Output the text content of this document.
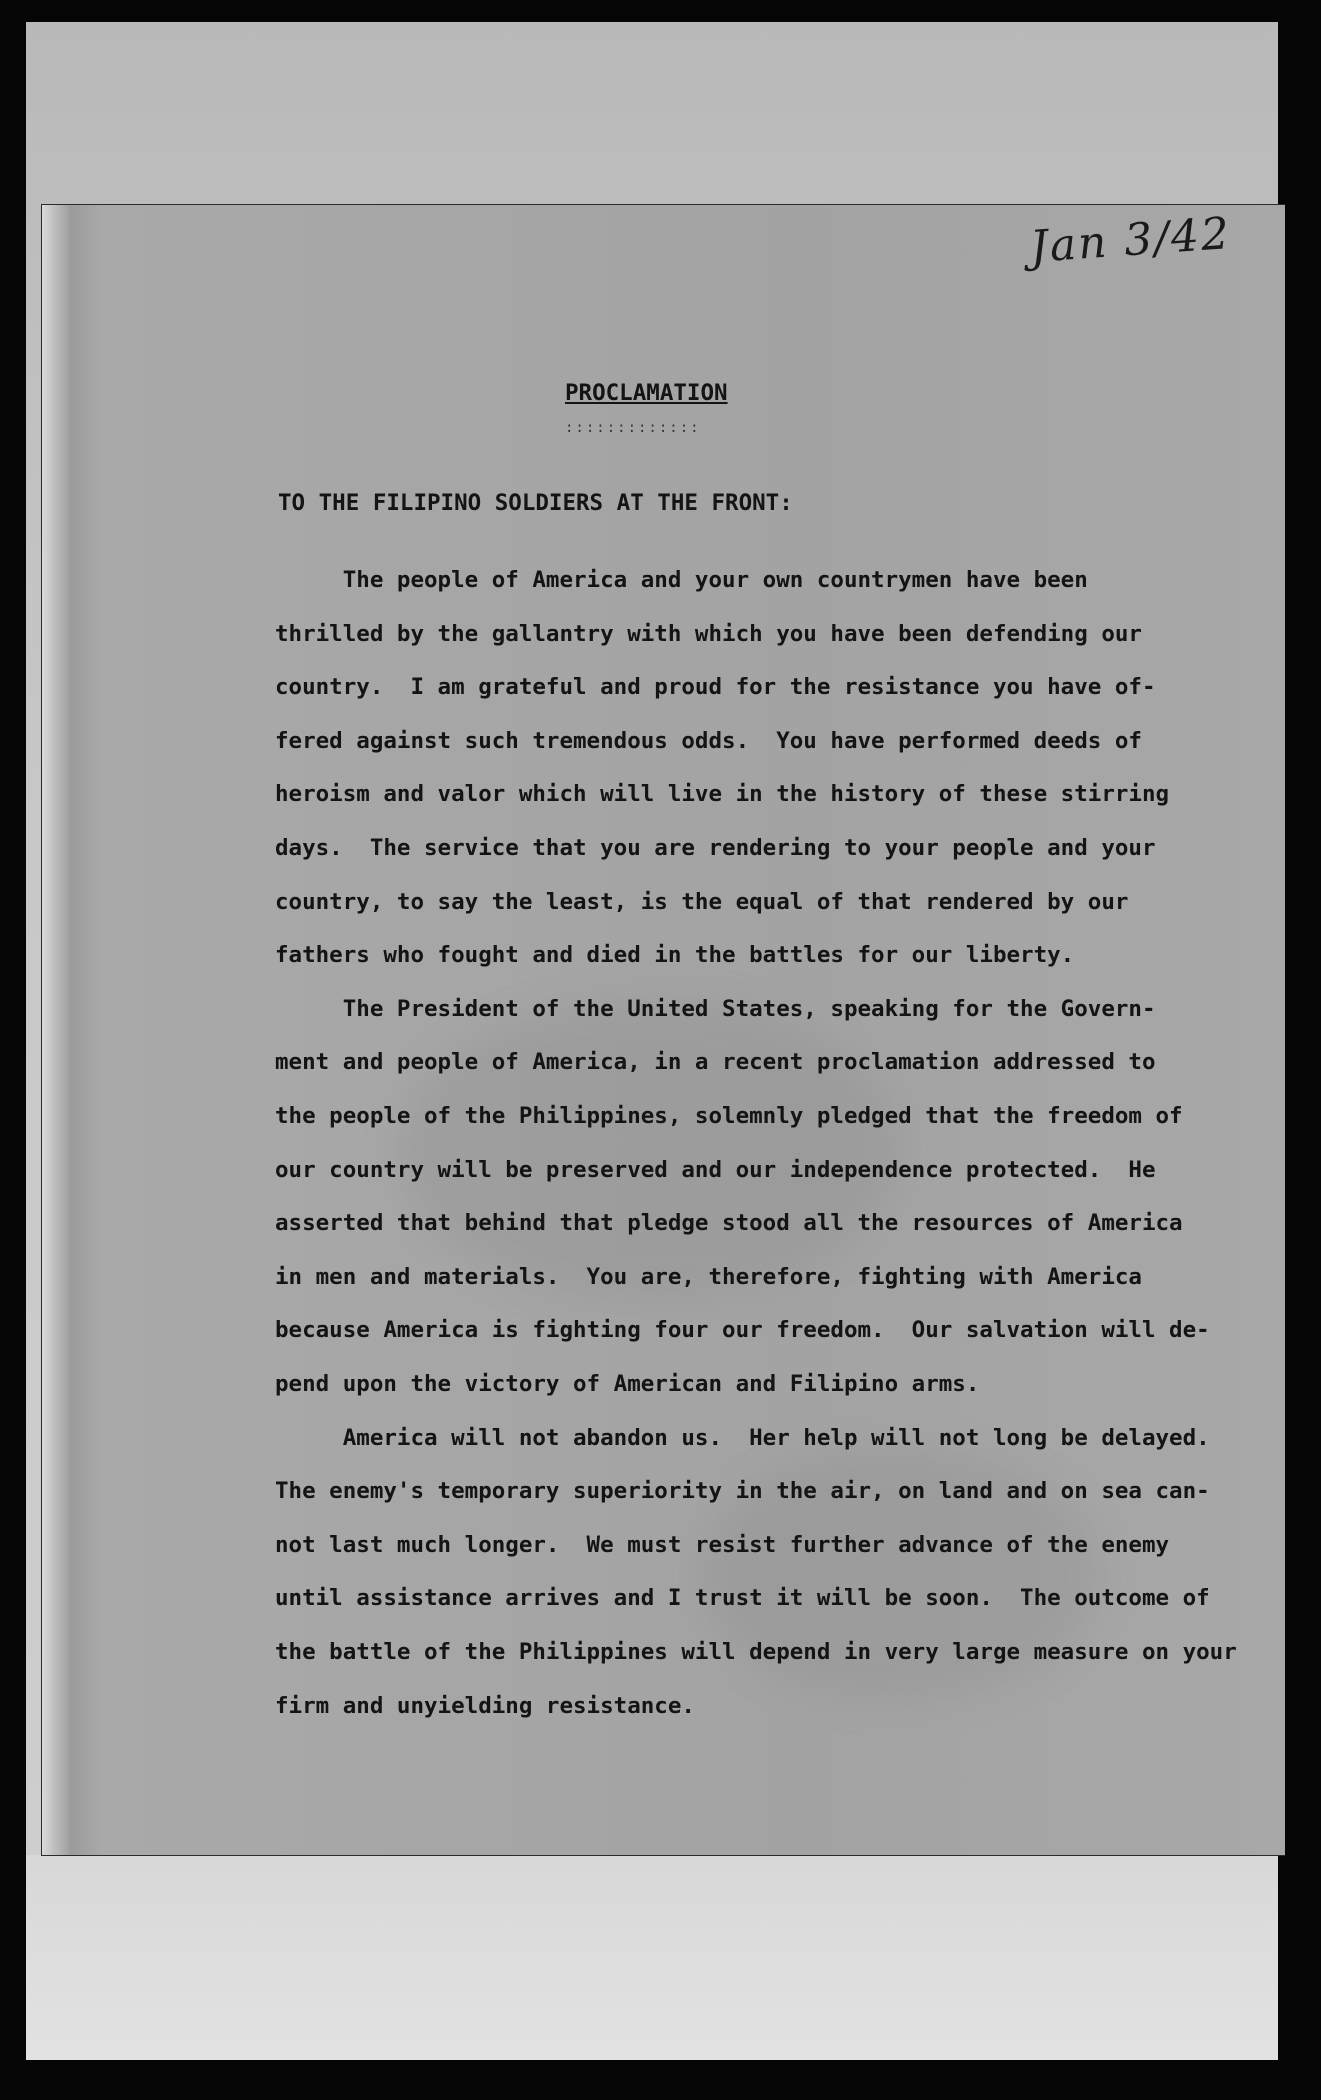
Jan 3/42
PROCLAMATION
:::::::::::::
TO THE FILIPINO SOLDIERS AT THE FRONT:
The people of America and your own countrymen have been
thrilled by the gallantry with which you have been defending our
country.  I am grateful and proud for the resistance you have of-
fered against such tremendous odds.  You have performed deeds of
heroism and valor which will live in the history of these stirring
days.  The service that you are rendering to your people and your
country, to say the least, is the equal of that rendered by our
fathers who fought and died in the battles for our liberty.
The President of the United States, speaking for the Govern-
ment and people of America, in a recent proclamation addressed to
the people of the Philippines, solemnly pledged that the freedom of
our country will be preserved and our independence protected.  He
asserted that behind that pledge stood all the resources of America
in men and materials.  You are, therefore, fighting with America
because America is fighting four our freedom.  Our salvation will de-
pend upon the victory of American and Filipino arms.
America will not abandon us.  Her help will not long be delayed.
The enemy's temporary superiority in the air, on land and on sea can-
not last much longer.  We must resist further advance of the enemy
until assistance arrives and I trust it will be soon.  The outcome of
the battle of the Philippines will depend in very large measure on your
firm and unyielding resistance.
